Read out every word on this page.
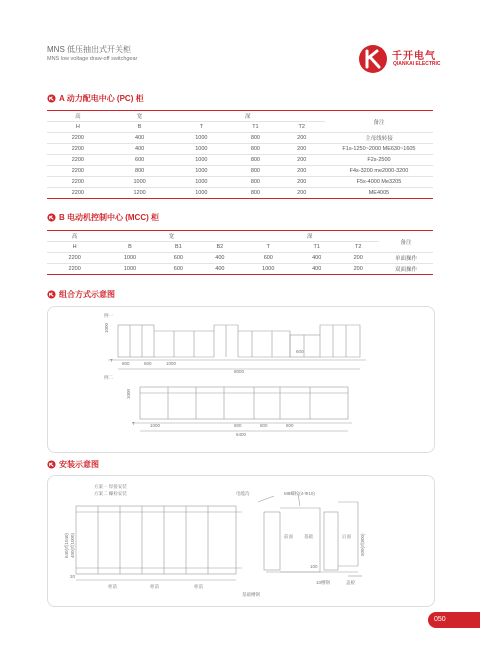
MNS 低压抽出式开关柜
MNS low voltage draw-off switchgear	千开电气
QIANKAI ELECTRIC
A 动力配电中心 (PC) 柜
高	宽	深			备注
H	B	T	T1	T2	
2200	400	1000	800	200	主母线转接
2200	400	1000	800	200	F1s-1250~2000 ME630~1605
2200	600	1000	800	200	F2s-2500
2200	800	1000	800	200	F4s-3200 me2000-3200
2200	1000	1000	800	200	F5s-4000 Me3205
2200	1200	1000	800	200	ME4005
B 电动机控制中心 (MCC) 柜
高	宽			深			备注
H	B	B1	B2	T	T1	T2	
2200	1000	600	400	600	400	200	单面操作
2200	1000	600	400	1000	400	200	双面操作
组合方式示意图
例一
1000
T
800	600	1000
600
8000
例二
1000
T	1000	800	800	800
6400
安装示意图
方案一 焊接安装
方案二 螺栓安装	电缆沟	M8螺栓(4-Φ10)
640(或1040) 400(或1000)
20
柜前	柜前	柜前
基础槽钢
前面 基础	后面 500(或800)
100
10槽钢	盖板
050
